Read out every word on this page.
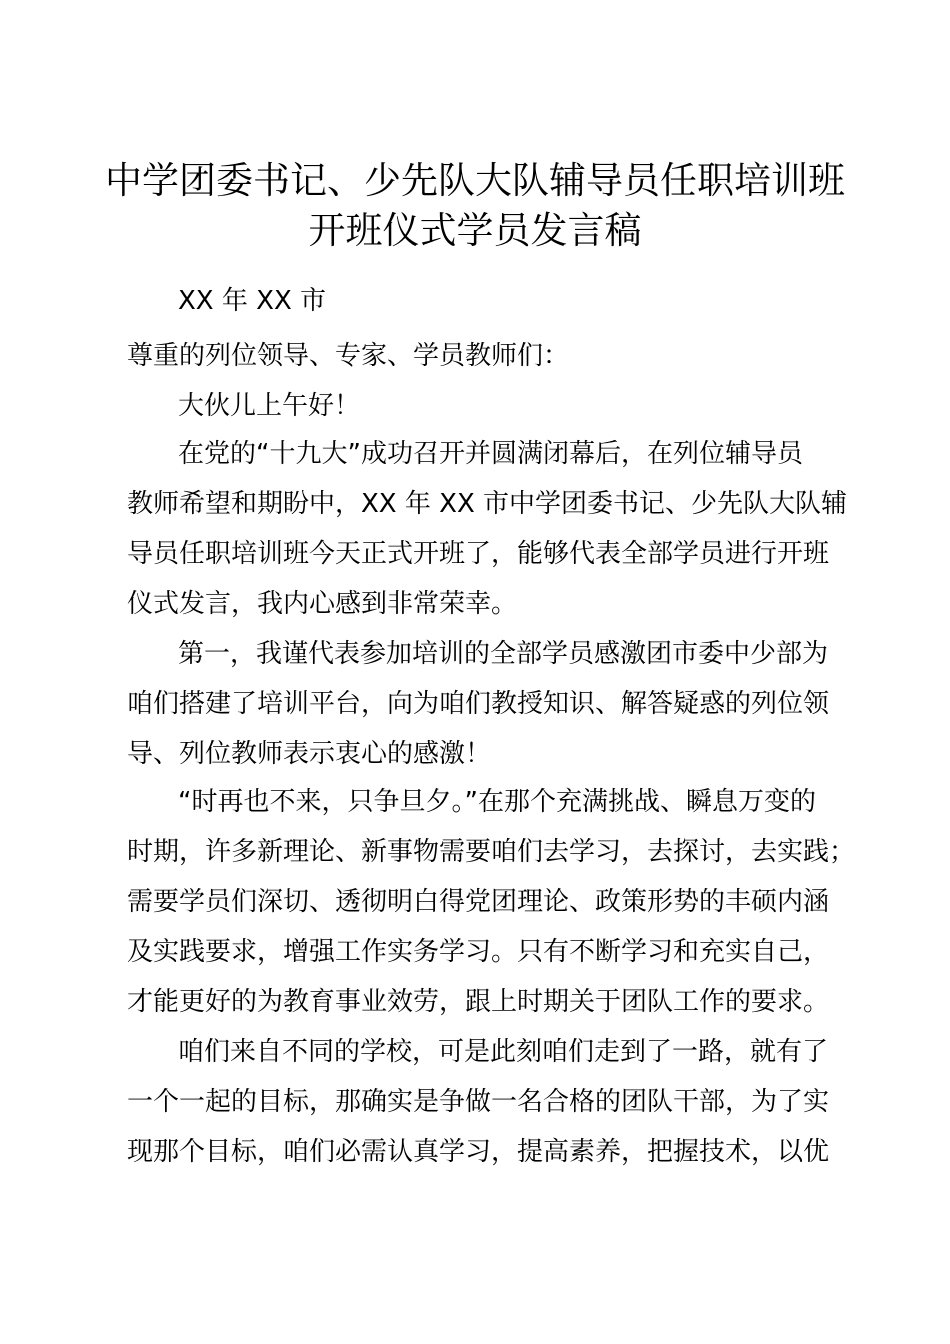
中学团委书记、少先队大队辅导员任职培训班
开班仪式学员发言稿
XX 年 XX 市
尊重的列位领导、专家、学员教师们：
大伙儿上午好！
在党的“十九大”成功召开并圆满闭幕后，在列位辅导员
教师希望和期盼中，XX 年 XX 市中学团委书记、少先队大队辅
导员任职培训班今天正式开班了，能够代表全部学员进行开班
仪式发言，我内心感到非常荣幸。
第一，我谨代表参加培训的全部学员感激团市委中少部为
咱们搭建了培训平台，向为咱们教授知识、解答疑惑的列位领
导、列位教师表示衷心的感激！
“时再也不来，只争旦夕。”在那个充满挑战、瞬息万变的
时期，许多新理论、新事物需要咱们去学习，去探讨，去实践；
需要学员们深切、透彻明白得党团理论、政策形势的丰硕内涵
及实践要求，增强工作实务学习。只有不断学习和充实自己，
才能更好的为教育事业效劳，跟上时期关于团队工作的要求。
咱们来自不同的学校，可是此刻咱们走到了一路，就有了
一个一起的目标，那确实是争做一名合格的团队干部，为了实
现那个目标，咱们必需认真学习，提高素养，把握技术，以优
